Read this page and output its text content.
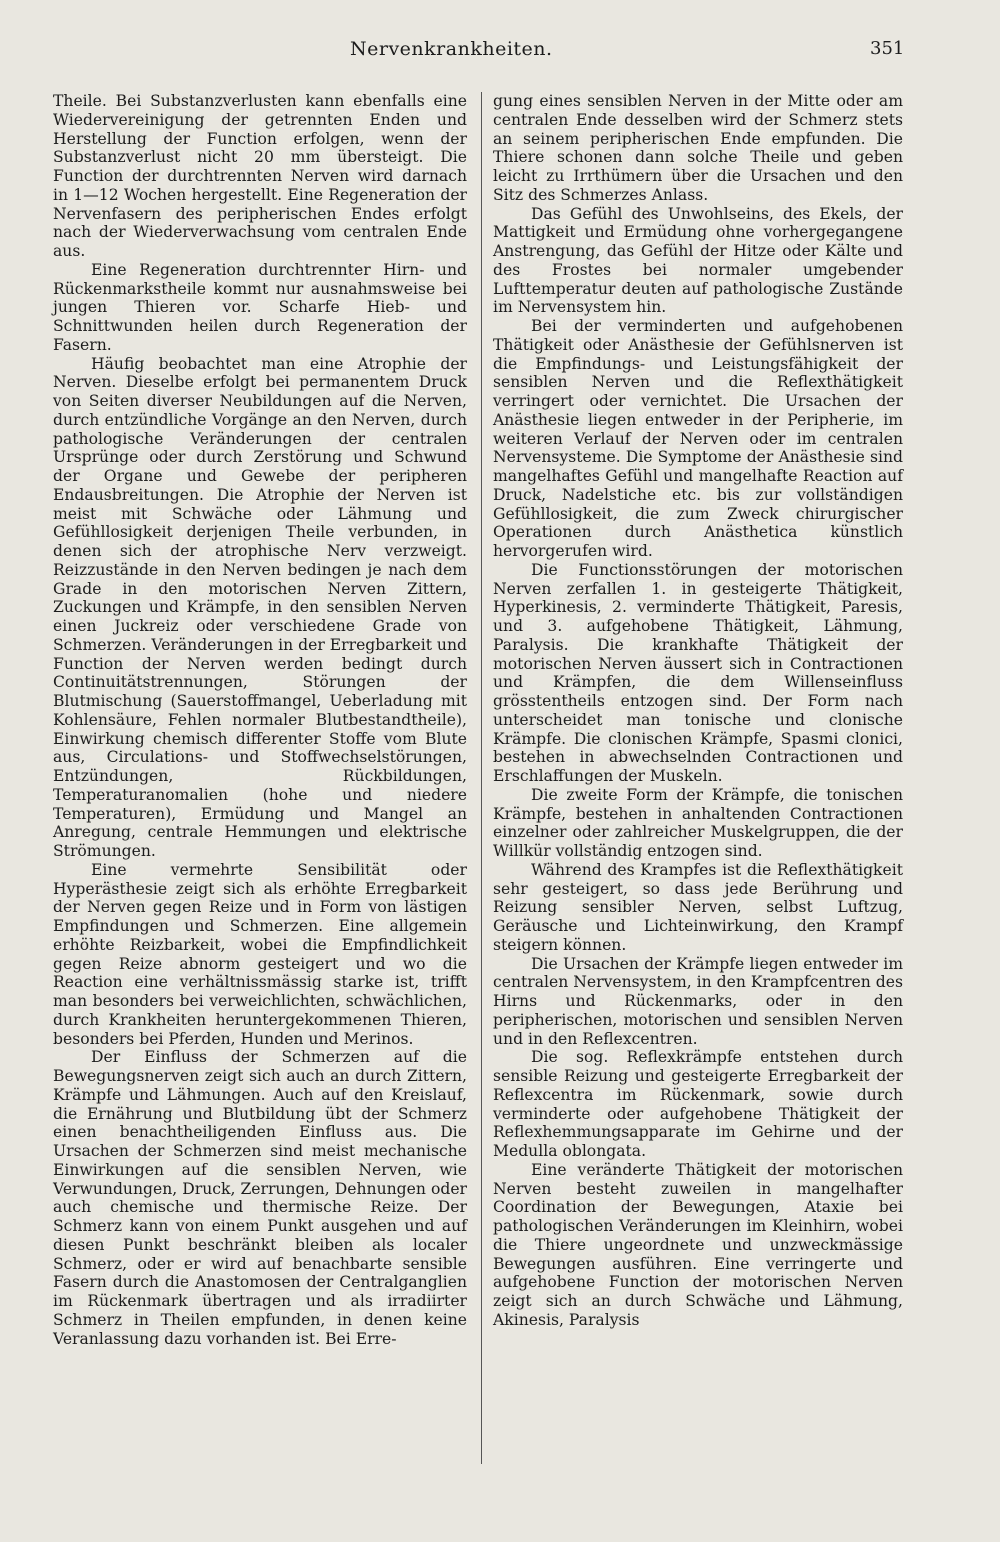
Nervenkrankheiten.	351

Theile. Bei Substanzverlusten kann ebenfalls eine Wiedervereinigung der getrennten Enden und Herstellung der Function erfolgen, wenn der Substanzverlust nicht 20 mm übersteigt. Die Function der durchtrennten Nerven wird darnach in 1—12 Wochen hergestellt. Eine Regeneration der Nervenfasern des peripherischen Endes erfolgt nach der Wiederverwachsung vom centralen Ende aus.

Eine Regeneration durchtrennter Hirn- und Rückenmarkstheile kommt nur ausnahmsweise bei jungen Thieren vor. Scharfe Hieb- und Schnittwunden heilen durch Regeneration der Fasern.

Häufig beobachtet man eine Atrophie der Nerven. Dieselbe erfolgt bei permanentem Druck von Seiten diverser Neubildungen auf die Nerven, durch entzündliche Vorgänge an den Nerven, durch pathologische Veränderungen der centralen Ursprünge oder durch Zerstörung und Schwund der Organe und Gewebe der peripheren Endausbreitungen. Die Atrophie der Nerven ist meist mit Schwäche oder Lähmung und Gefühllosigkeit derjenigen Theile verbunden, in denen sich der atrophische Nerv verzweigt. Reizzustände in den Nerven bedingen je nach dem Grade in den motorischen Nerven Zittern, Zuckungen und Krämpfe, in den sensiblen Nerven einen Juckreiz oder verschiedene Grade von Schmerzen. Veränderungen in der Erregbarkeit und Function der Nerven werden bedingt durch Continuitätstrennungen, Störungen der Blutmischung (Sauerstoffmangel, Ueberladung mit Kohlensäure, Fehlen normaler Blutbestandtheile), Einwirkung chemisch differenter Stoffe vom Blute aus, Circulations- und Stoffwechselstörungen, Entzündungen, Rückbildungen, Temperaturanomalien (hohe und niedere Temperaturen), Ermüdung und Mangel an Anregung, centrale Hemmungen und elektrische Strömungen.

Eine vermehrte Sensibilität oder Hyperästhesie zeigt sich als erhöhte Erregbarkeit der Nerven gegen Reize und in Form von lästigen Empfindungen und Schmerzen. Eine allgemein erhöhte Reizbarkeit, wobei die Empfindlichkeit gegen Reize abnorm gesteigert und wo die Reaction eine verhältnissmässig starke ist, trifft man besonders bei verweichlichten, schwächlichen, durch Krankheiten heruntergekommenen Thieren, besonders bei Pferden, Hunden und Merinos.

Der Einfluss der Schmerzen auf die Bewegungsnerven zeigt sich auch an durch Zittern, Krämpfe und Lähmungen. Auch auf den Kreislauf, die Ernährung und Blutbildung übt der Schmerz einen benachtheiligenden Einfluss aus. Die Ursachen der Schmerzen sind meist mechanische Einwirkungen auf die sensiblen Nerven, wie Verwundungen, Druck, Zerrungen, Dehnungen oder auch chemische und thermische Reize. Der Schmerz kann von einem Punkt ausgehen und auf diesen Punkt beschränkt bleiben als localer Schmerz, oder er wird auf benachbarte sensible Fasern durch die Anastomosen der Centralganglien im Rückenmark übertragen und als irradiirter Schmerz in Theilen empfunden, in denen keine Veranlassung dazu vorhanden ist. Bei Erre-

gung eines sensiblen Nerven in der Mitte oder am centralen Ende desselben wird der Schmerz stets an seinem peripherischen Ende empfunden. Die Thiere schonen dann solche Theile und geben leicht zu Irrthümern über die Ursachen und den Sitz des Schmerzes Anlass.

Das Gefühl des Unwohlseins, des Ekels, der Mattigkeit und Ermüdung ohne vorhergegangene Anstrengung, das Gefühl der Hitze oder Kälte und des Frostes bei normaler umgebender Lufttemperatur deuten auf pathologische Zustände im Nervensystem hin.

Bei der verminderten und aufgehobenen Thätigkeit oder Anästhesie der Gefühlsnerven ist die Empfindungs- und Leistungsfähigkeit der sensiblen Nerven und die Reflexthätigkeit verringert oder vernichtet. Die Ursachen der Anästhesie liegen entweder in der Peripherie, im weiteren Verlauf der Nerven oder im centralen Nervensysteme. Die Symptome der Anästhesie sind mangelhaftes Gefühl und mangelhafte Reaction auf Druck, Nadelstiche etc. bis zur vollständigen Gefühllosigkeit, die zum Zweck chirurgischer Operationen durch Anästhetica künstlich hervorgerufen wird.

Die Functionsstörungen der motorischen Nerven zerfallen 1. in gesteigerte Thätigkeit, Hyperkinesis, 2. verminderte Thätigkeit, Paresis, und 3. aufgehobene Thätigkeit, Lähmung, Paralysis. Die krankhafte Thätigkeit der motorischen Nerven äussert sich in Contractionen und Krämpfen, die dem Willenseinfluss grösstentheils entzogen sind. Der Form nach unterscheidet man tonische und clonische Krämpfe. Die clonischen Krämpfe, Spasmi clonici, bestehen in abwechselnden Contractionen und Erschlaffungen der Muskeln.

Die zweite Form der Krämpfe, die tonischen Krämpfe, bestehen in anhaltenden Contractionen einzelner oder zahlreicher Muskelgruppen, die der Willkür vollständig entzogen sind.

Während des Krampfes ist die Reflexthätigkeit sehr gesteigert, so dass jede Berührung und Reizung sensibler Nerven, selbst Luftzug, Geräusche und Lichteinwirkung, den Krampf steigern können.

Die Ursachen der Krämpfe liegen entweder im centralen Nervensystem, in den Krampfcentren des Hirns und Rückenmarks, oder in den peripherischen, motorischen und sensiblen Nerven und in den Reflexcentren.

Die sog. Reflexkrämpfe entstehen durch sensible Reizung und gesteigerte Erregbarkeit der Reflexcentra im Rückenmark, sowie durch verminderte oder aufgehobene Thätigkeit der Reflexhemmungsapparate im Gehirne und der Medulla oblongata.

Eine veränderte Thätigkeit der motorischen Nerven besteht zuweilen in mangelhafter Coordination der Bewegungen, Ataxie bei pathologischen Veränderungen im Kleinhirn, wobei die Thiere ungeordnete und unzweckmässige Bewegungen ausführen. Eine verringerte und aufgehobene Function der motorischen Nerven zeigt sich an durch Schwäche und Lähmung, Akinesis, Paralysis
